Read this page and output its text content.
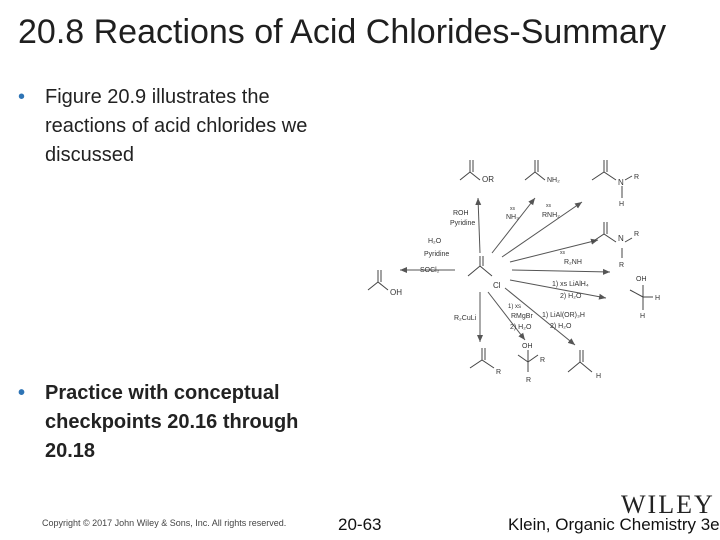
20.8 Reactions of Acid Chlorides-Summary
• Figure 20.9 illustrates the reactions of acid chlorides we discussed
• Practice with conceptual checkpoints 20.16 through 20.18
OR	NH₂	N
R
H
xs
NH₃
xs
RNH₂
ROH
Pyridine
N R
R
xs
R₂NH
H₂O
Pyridine
SOCl₂
OH
Cl	1) xs LiAlH₄
2) H₂O
OH
H
H
1) xs
RMgBr
2) H₂O
1) LiAl(OR)₃H
2) H₂O
R₂CuLi
R
OH
R
R
H
Copyright © 2017 John Wiley & Sons, Inc. All rights reserved.	20-63
WILEY
Klein, Organic Chemistry 3e
